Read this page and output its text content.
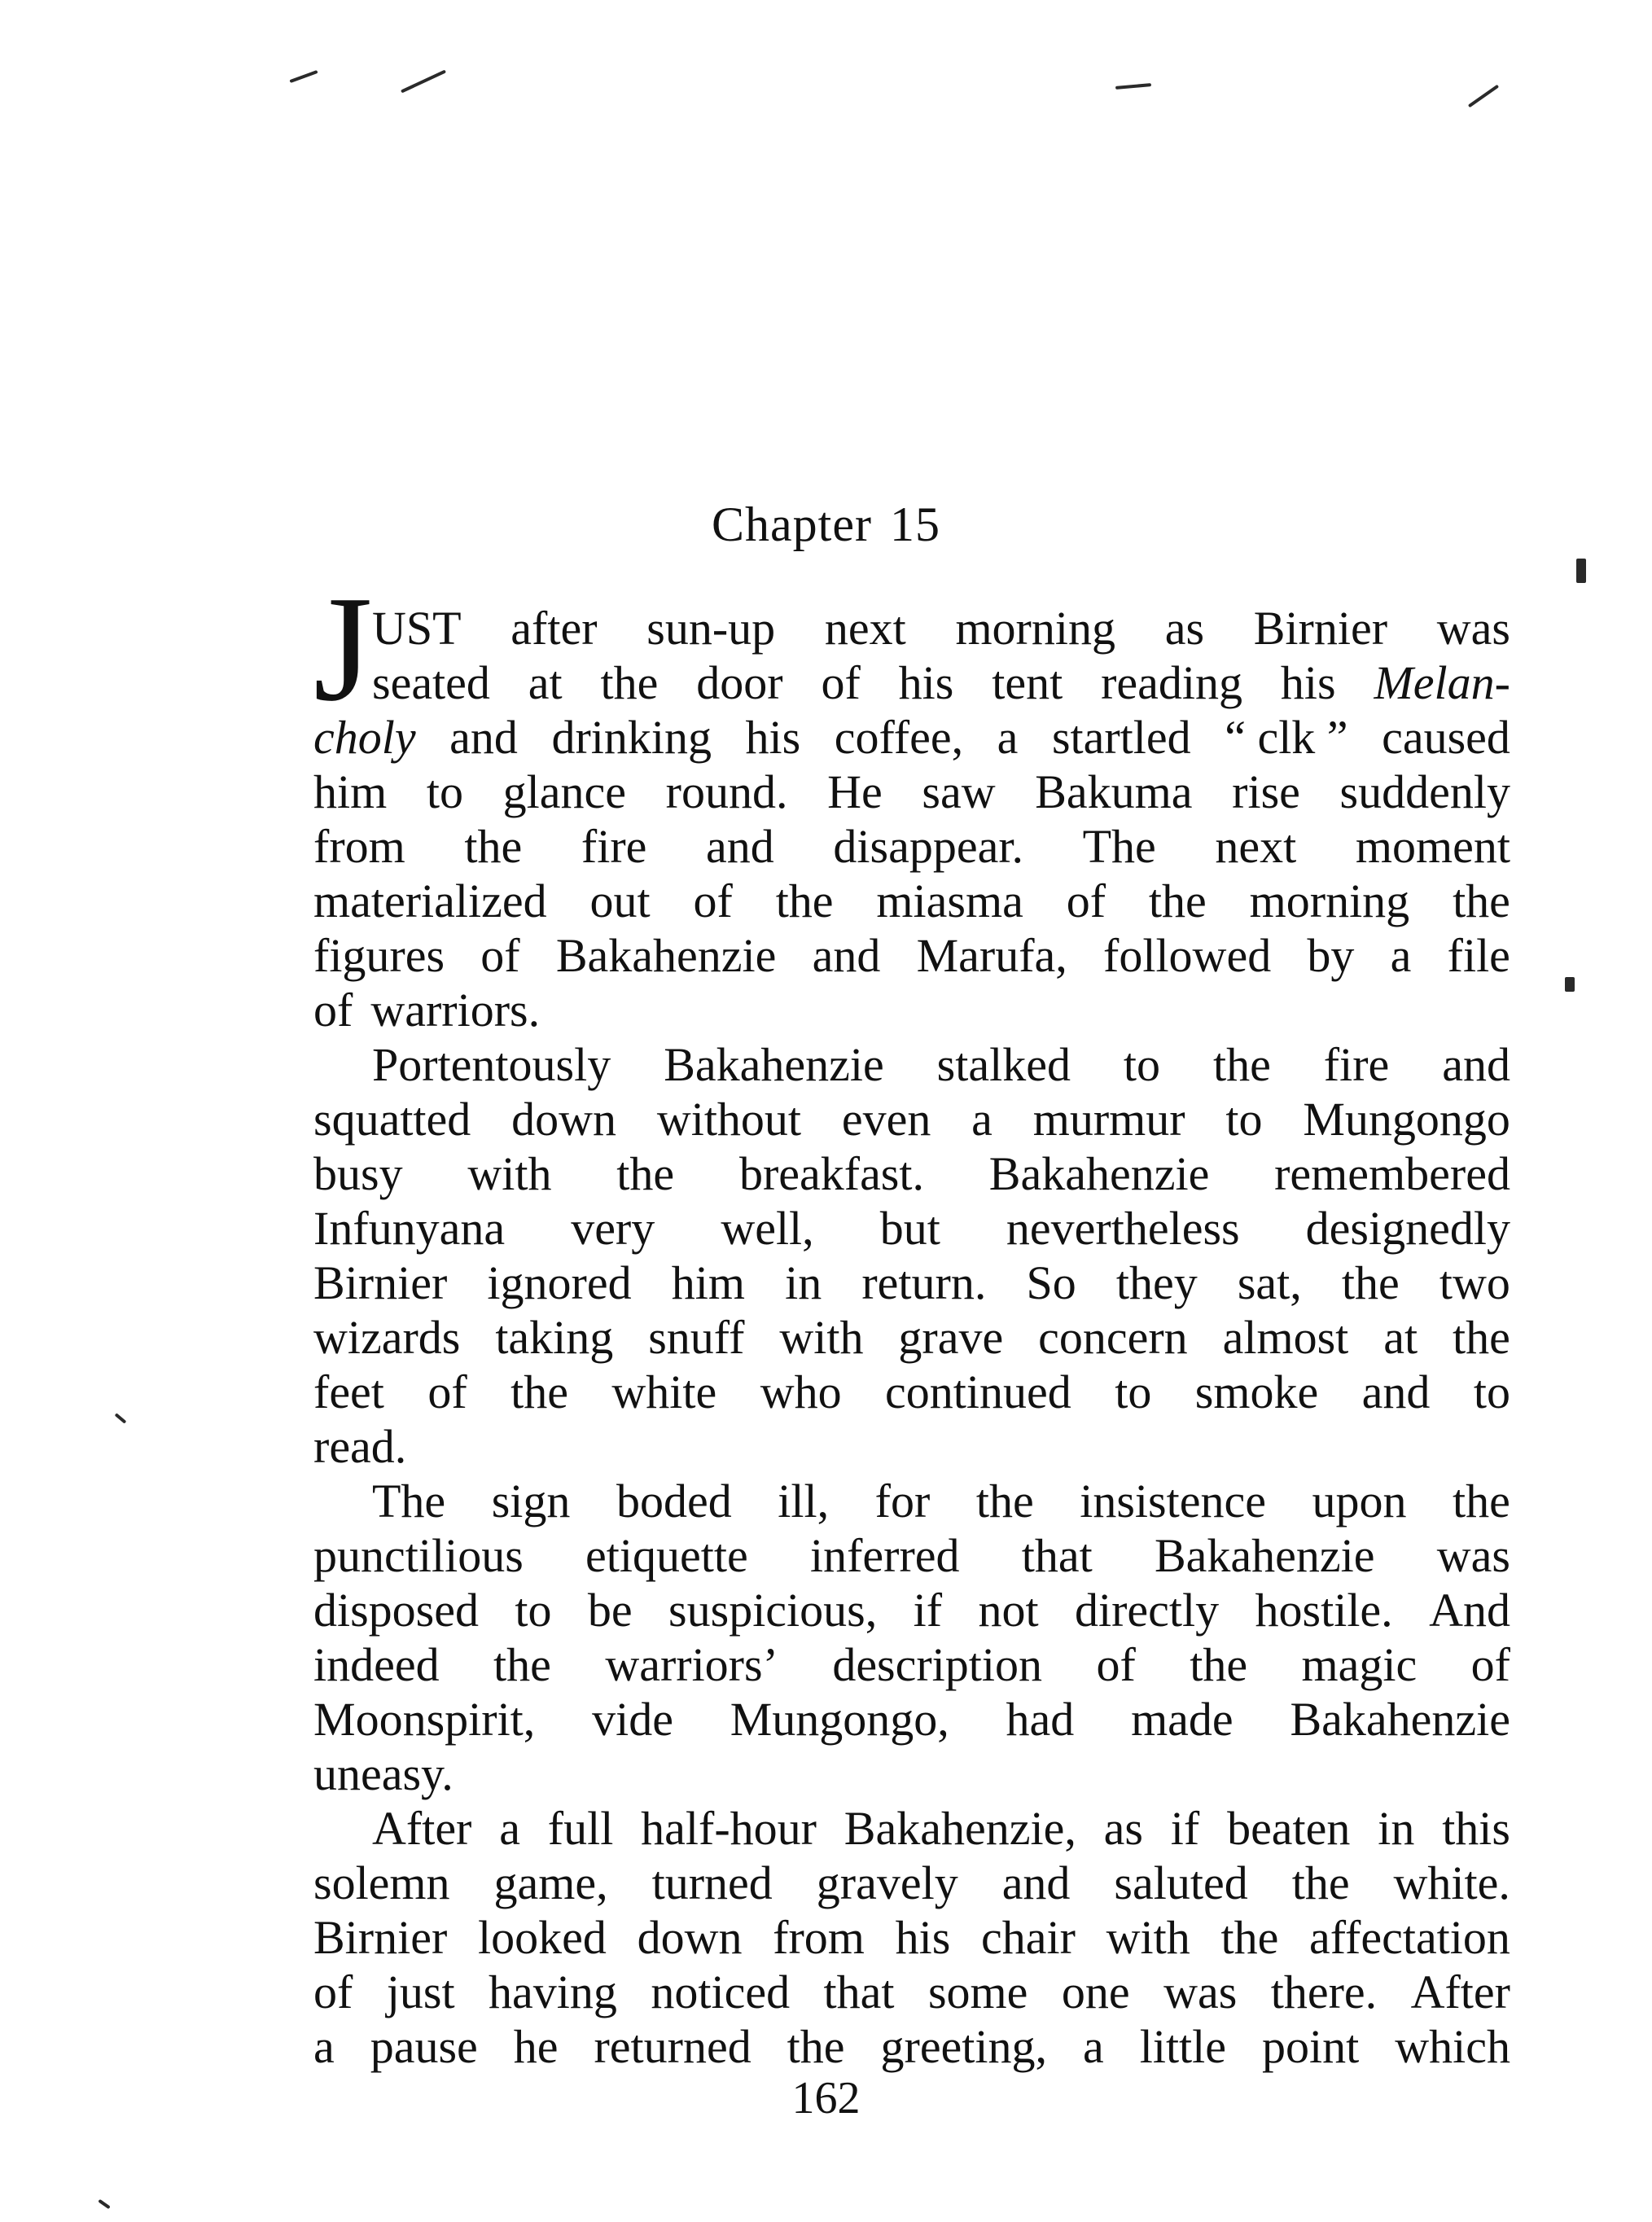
Chapter 15
J UST after sun-up next morning as Birnier was
seated at the door of his tent reading his Melan-
choly and drinking his coffee, a startled “ clk ” caused
him to glance round. He saw Bakuma rise suddenly
from the fire and disappear. The next moment
materialized out of the miasma of the morning the
figures of Bakahenzie and Marufa, followed by a file
of warriors.
Portentously Bakahenzie stalked to the fire and
squatted down without even a murmur to Mungongo
busy with the breakfast. Bakahenzie remembered
Infunyana very well, but nevertheless designedly
Birnier ignored him in return. So they sat, the two
wizards taking snuff with grave concern almost at the
feet of the white who continued to smoke and to
read.
The sign boded ill, for the insistence upon the
punctilious etiquette inferred that Bakahenzie was
disposed to be suspicious, if not directly hostile. And
indeed the warriors’ description of the magic of
Moonspirit, vide Mungongo, had made Bakahenzie
uneasy.
After a full half-hour Bakahenzie, as if beaten in this
solemn game, turned gravely and saluted the white.
Birnier looked down from his chair with the affectation
of just having noticed that some one was there. After
a pause he returned the greeting, a little point which
162
